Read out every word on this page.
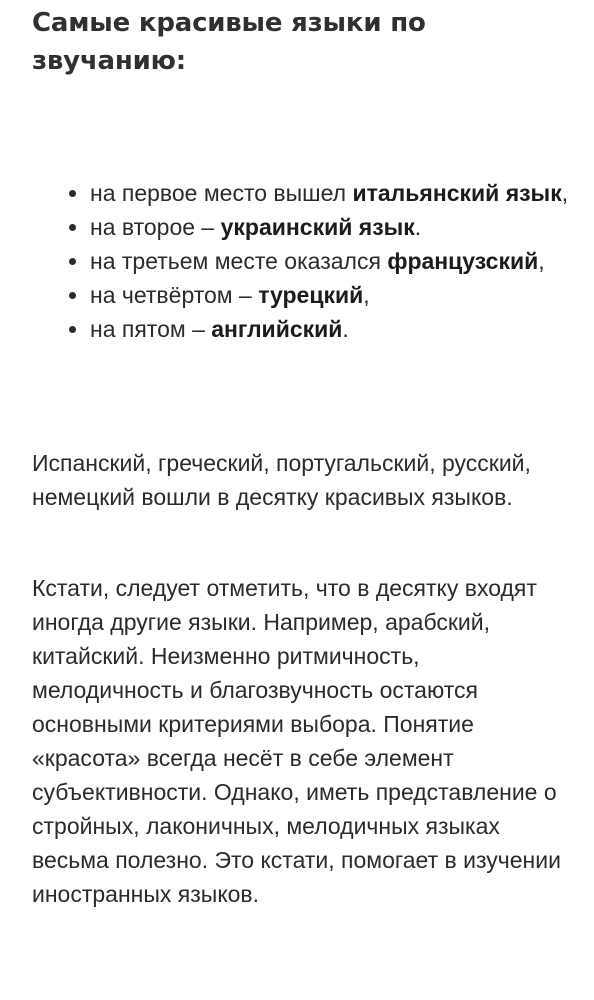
Самые красивые языки по звучанию:
на первое место вышел итальянский язык,
на вторoе – украинский язык.
на третьем месте оказался французский,
на четвёртом – турецкий,
на пятом – английский.

Испанский, греческий, португальский, русский, немецкий вошли в десятку красивых языков.

Кстати, следует отметить, что в десятку входят иногда другие языки. Например, арабский, китайский. Неизменно ритмичность, мелодичность и благозвучность остаются основными критериями выбора. Понятие «красота» всегда несёт в себе элемент субъективности. Однако, иметь представление о стройных, лаконичных, мелодичных языках весьма полезно. Это кстати, помогает в изучении иностранных языков.
